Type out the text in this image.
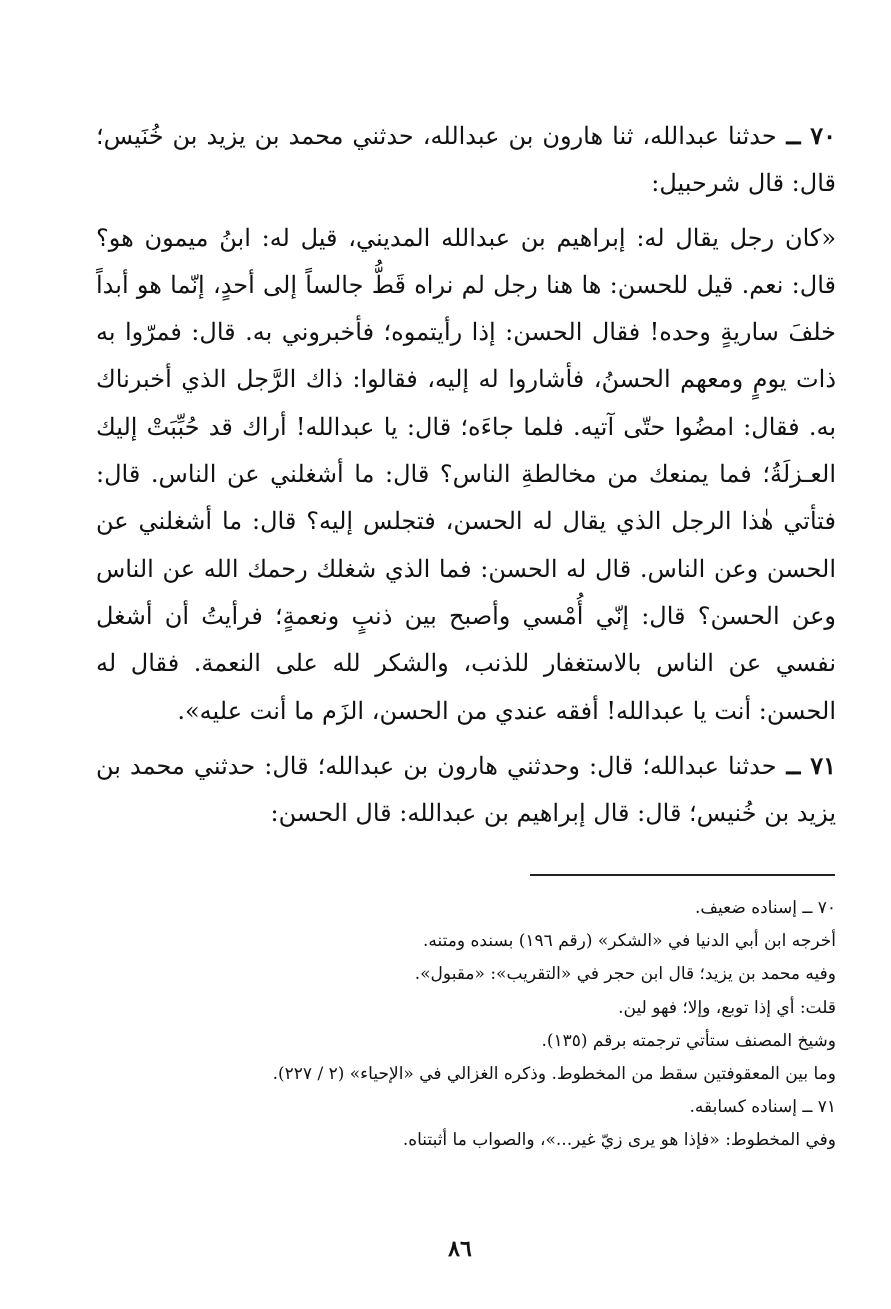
٧٠ ــ حدثنا عبدالله، ثنا هارون بن عبدالله، حدثني محمد بن يزيد بن خُنَيس؛ قال: قال شرحبيل:

«كان رجل يقال له: إبراهيم بن عبدالله المديني، قيل له: ابنُ ميمون هو؟ قال: نعم. قيل للحسن: ها هنا رجل لم نراه قَطُّ جالساً إلى أحدٍ، إنّما هو أبداً خلفَ ساريةٍ وحده! فقال الحسن: إذا رأيتموه؛ فأخبروني به. قال: فمرّوا به ذات يومٍ ومعهم الحسنُ، فأشاروا له إليه، فقالوا: ذاك الرَّجل الذي أخبرناك به. فقال: امضُوا حتّى آتيه. فلما جاءَه؛ قال: يا عبدالله! أراك قد حُبِّبَتْ إليك العـزلَةُ؛ فما يمنعك من مخالطةِ الناس؟ قال: ما أشغلني عن الناس. قال: فتأتي هٰذا الرجل الذي يقال له الحسن، فتجلس إليه؟ قال: ما أشغلني عن الحسن وعن الناس. قال له الحسن: فما الذي شغلك رحمك الله عن الناس وعن الحسن؟ قال: إنّي أُمْسي وأصبح بين ذنبٍ ونعمةٍ؛ فرأيتُ أن أشغل نفسي عن الناس بالاستغفار للذنب، والشكر لله على النعمة. فقال له الحسن: أنت يا عبدالله! أفقه عندي من الحسن، الزَم ما أنت عليه».

٧١ ــ حدثنا عبدالله؛ قال: وحدثني هارون بن عبدالله؛ قال: حدثني محمد بن يزيد بن خُنيس؛ قال: قال إبراهيم بن عبدالله: قال الحسن:

٧٠ ــ إسناده ضعيف.
أخرجه ابن أبي الدنيا في «الشكر» (رقم ١٩٦) بسنده ومتنه.
وفيه محمد بن يزيد؛ قال ابن حجر في «التقريب»: «مقبول».
قلت: أي إذا توبع، وإلا؛ فهو لين.
وشيخ المصنف ستأتي ترجمته برقم (١٣٥).
وما بين المعقوفتين سقط من المخطوط. وذكره الغزالي في «الإحياء» (٢ / ٢٢٧).
٧١ ــ إسناده كسابقه.
وفي المخطوط: «فإذا هو يرى زيّ غير...»، والصواب ما أثبتناه.
٨٦
